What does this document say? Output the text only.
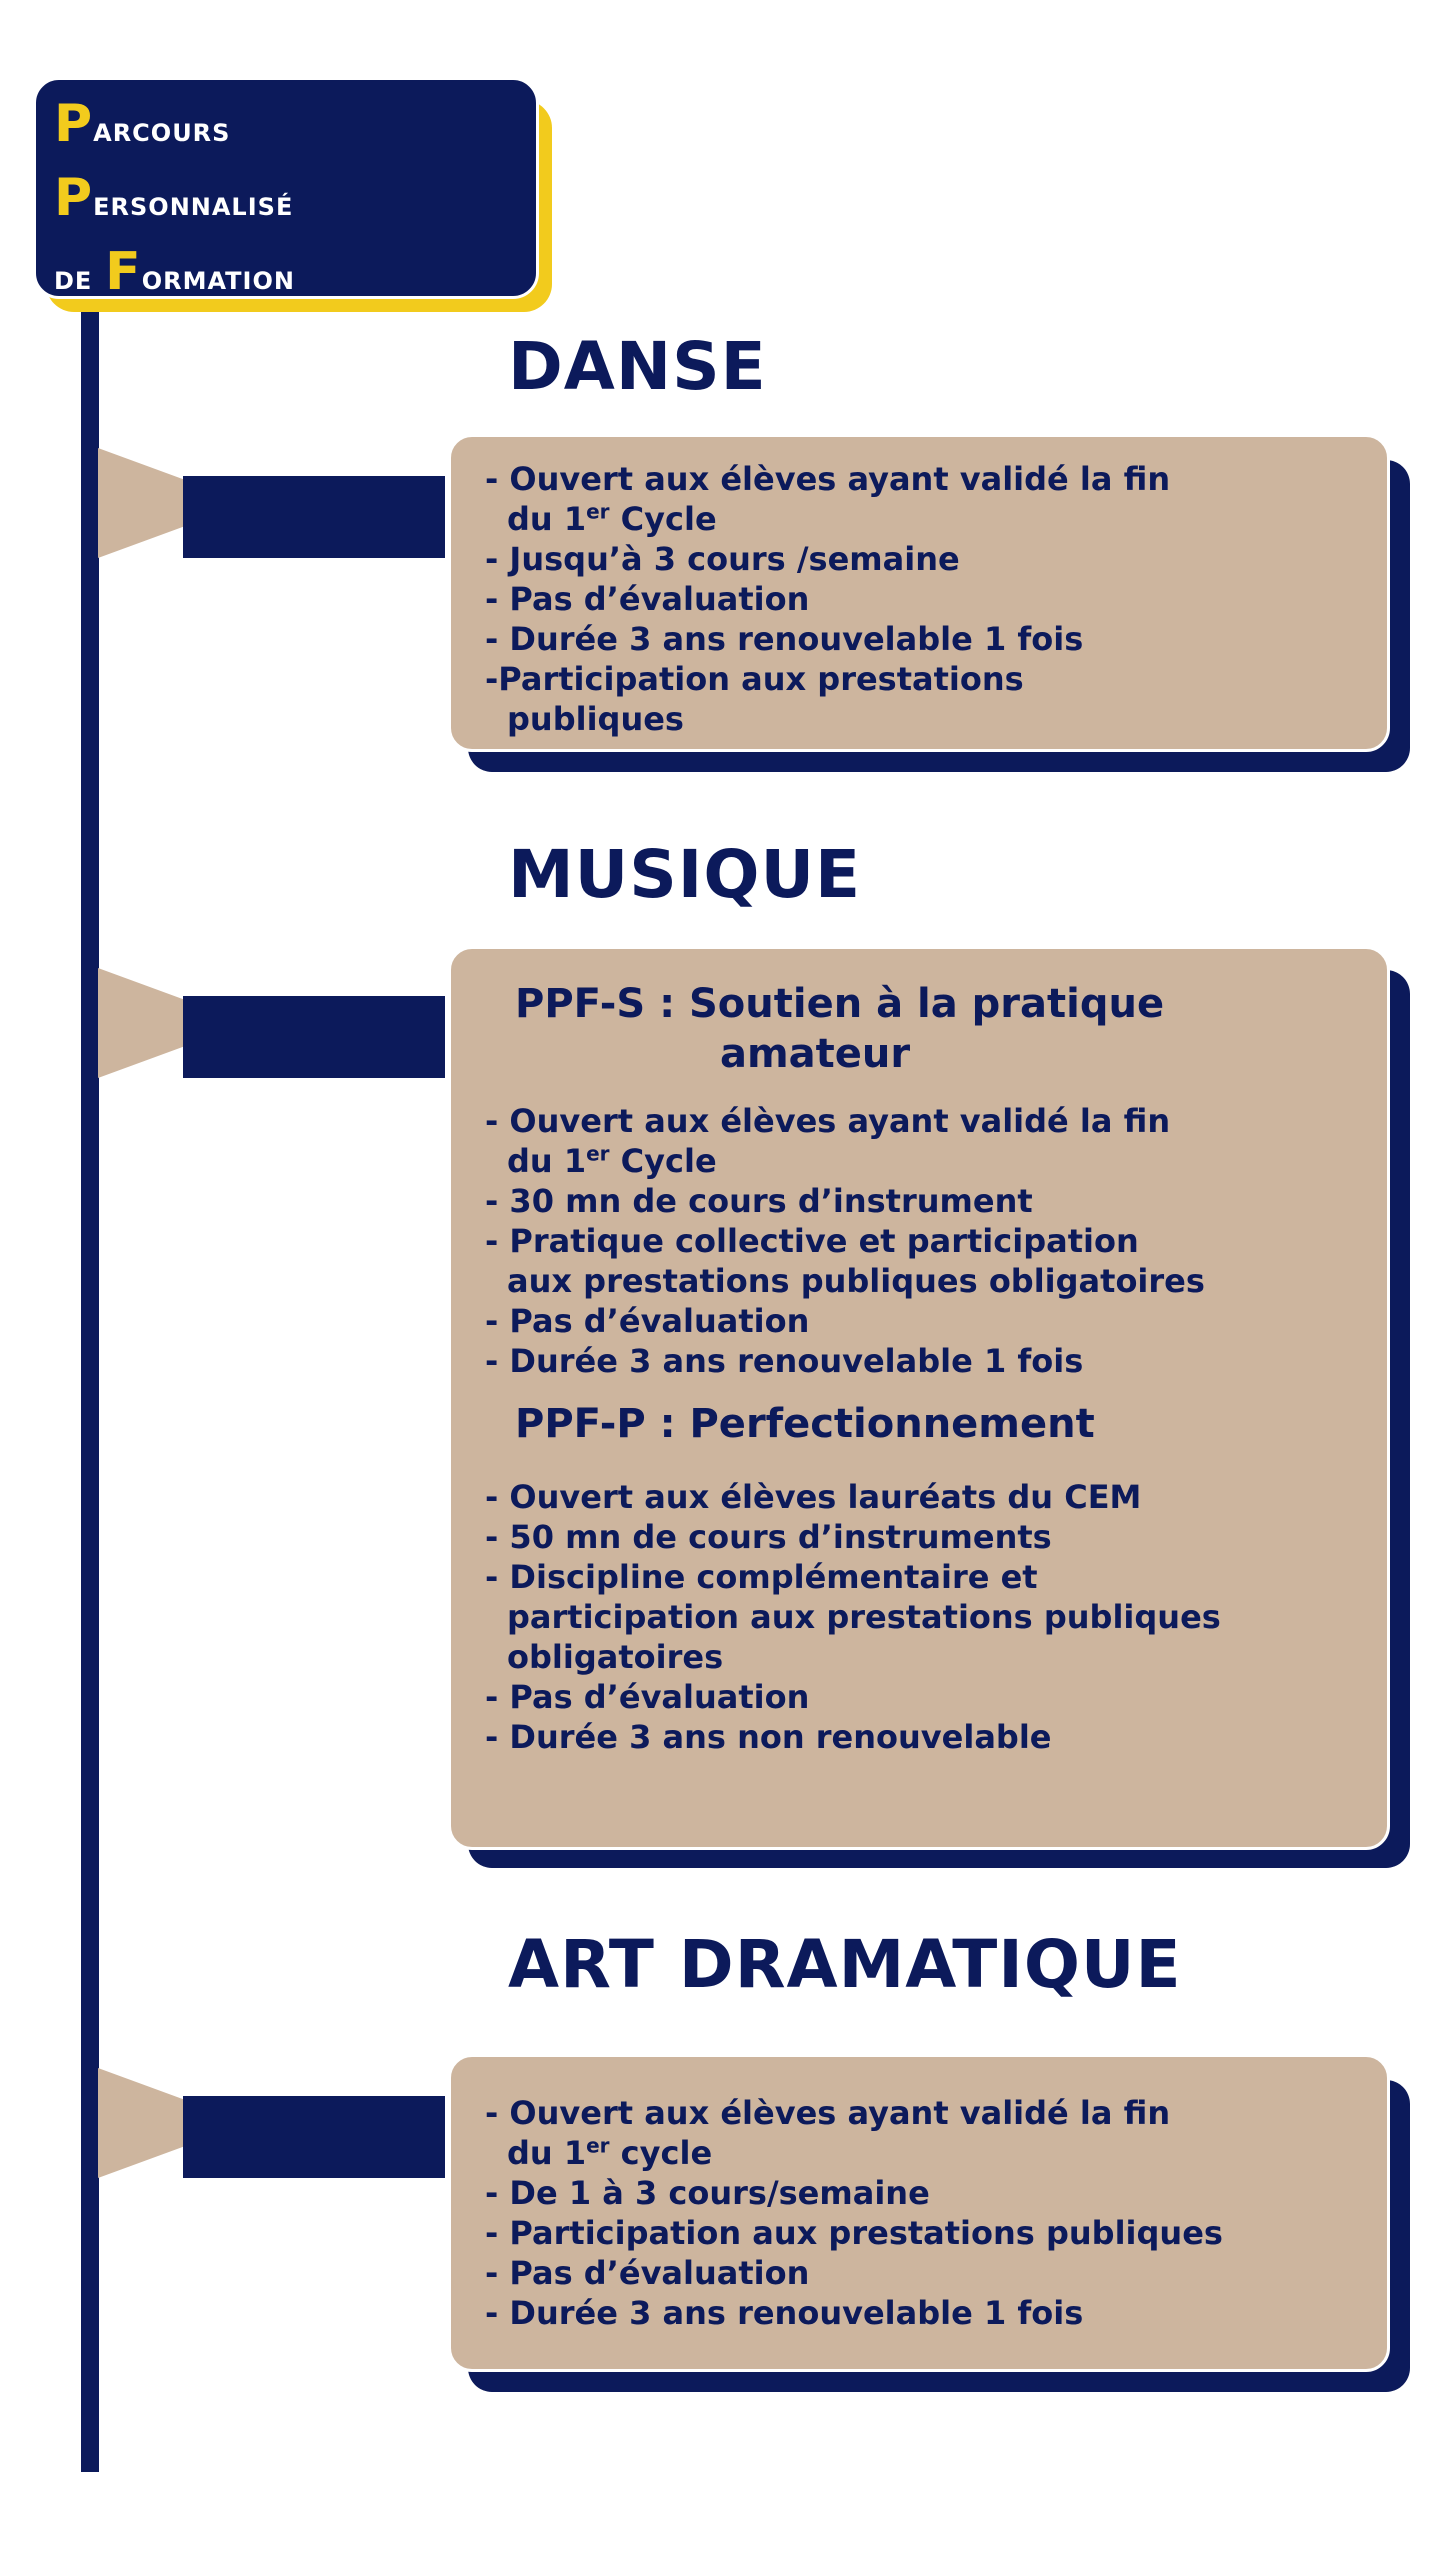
Parcours
Personnalisé
de Formation
DANSE
- Ouvert aux élèves ayant validé la fin
du 1er Cycle
- Jusqu’à 3 cours /semaine
- Pas d’évaluation
- Durée 3 ans renouvelable 1 fois
-Participation aux prestations
publiques
MUSIQUE
PPF-S : Soutien à la pratique
amateur
- Ouvert aux élèves ayant validé la fin
du 1er Cycle
- 30 mn de cours d’instrument
- Pratique collective et participation
aux prestations publiques obligatoires
- Pas d’évaluation
- Durée 3 ans renouvelable 1 fois
PPF-P : Perfectionnement
- Ouvert aux élèves lauréats du CEM
- 50 mn de cours d’instruments
- Discipline complémentaire et
participation aux prestations publiques
obligatoires
- Pas d’évaluation
- Durée 3 ans non renouvelable
ART DRAMATIQUE
- Ouvert aux élèves ayant validé la fin
du 1er cycle
- De 1 à 3 cours/semaine
- Participation aux prestations publiques
- Pas d’évaluation
- Durée 3 ans renouvelable 1 fois
